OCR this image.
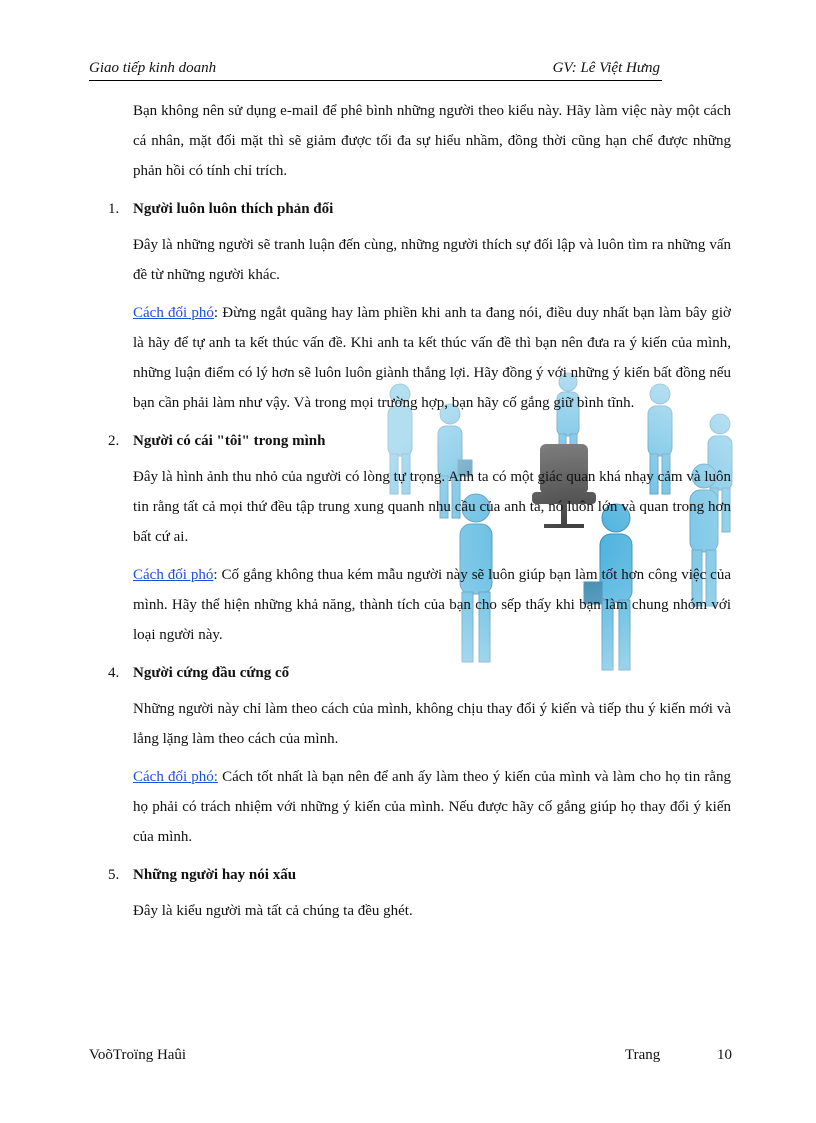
Giao tiếp kinh doanh	GV: Lê Việt Hưng

Bạn không nên sử dụng e-mail để phê bình những người theo kiểu này. Hãy làm việc này một cách cá nhân, mặt đối mặt thì sẽ giảm được tối đa sự hiểu nhầm, đồng thời cũng hạn chế được những phản hồi có tính chỉ trích.

1. Người luôn luôn thích phản đối

Đây là những người sẽ tranh luận đến cùng, những người thích sự đối lập và luôn tìm ra những vấn đề từ những người khác.

Cách đối phó: Đừng ngắt quãng hay làm phiền khi anh ta đang nói, điều duy nhất bạn làm bây giờ là hãy để tự anh ta kết thúc vấn đề. Khi anh ta kết thúc vấn đề thì bạn nên đưa ra ý kiến của mình, những luận điểm có lý hơn sẽ luôn luôn giành thắng lợi. Hãy đồng ý với những ý kiến bất đồng nếu bạn cần phải làm như vậy. Và trong mọi trường hợp, bạn hãy cố gắng giữ bình tĩnh.

2. Người có cái "tôi" trong mình

Đây là hình ảnh thu nhỏ của người có lòng tự trọng. Anh ta có một giác quan khá nhạy cảm và luôn tin rằng tất cả mọi thứ đều tập trung xung quanh nhu cầu của anh ta, nó luôn lớn và quan trong hơn bất cứ ai.

Cách đối phó: Cố gắng không thua kém mẫu người này sẽ luôn giúp bạn làm tốt hơn công việc của mình. Hãy thể hiện những khả năng, thành tích của bạn cho sếp thấy khi bạn làm chung nhóm với loại người này.

4. Người cứng đầu cứng cổ

Những người này chỉ làm theo cách của mình, không chịu thay đổi ý kiến và tiếp thu ý kiến mới và lẳng lặng làm theo cách của mình.

Cách đối phó: Cách tốt nhất là bạn nên để anh ấy làm theo ý kiến của mình và làm cho họ tin rằng họ phải có trách nhiệm với những ý kiến của mình. Nếu được hãy cố gắng giúp họ thay đổi ý kiến của mình.

5. Những người hay nói xấu

Đây là kiểu người mà tất cả chúng ta đều ghét.

VoõTroïng Haûi	Trang	10
